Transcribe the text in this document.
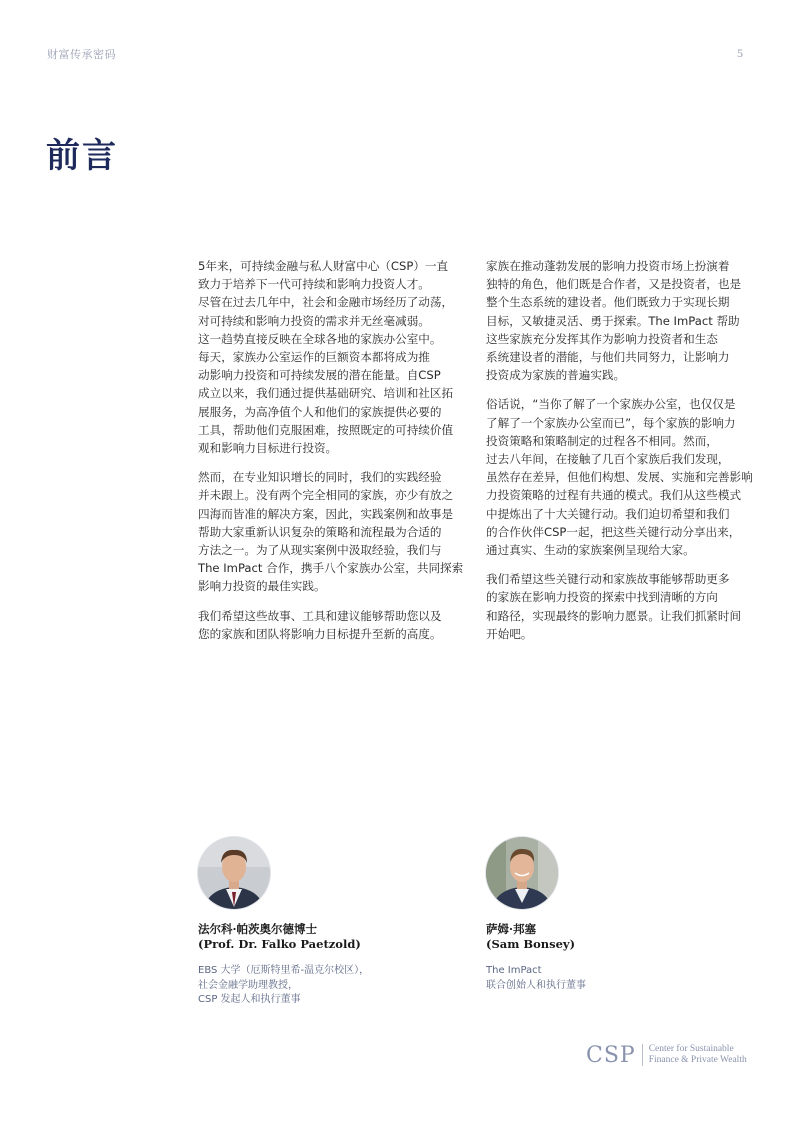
财富传承密码	5
前言
5年来，可持续金融与私人财富中心（CSP）一直
致力于培养下一代可持续和影响力投资人才。
尽管在过去几年中，社会和金融市场经历了动荡，
对可持续和影响力投资的需求并无丝毫减弱。
这一趋势直接反映在全球各地的家族办公室中。
每天，家族办公室运作的巨额资本都将成为推
动影响力投资和可持续发展的潜在能量。自CSP
成立以来，我们通过提供基础研究、培训和社区拓
展服务，为高净值个人和他们的家族提供必要的
工具，帮助他们克服困难，按照既定的可持续价值
观和影响力目标进行投资。
然而，在专业知识增长的同时，我们的实践经验
并未跟上。没有两个完全相同的家族，亦少有放之
四海而皆准的解决方案，因此，实践案例和故事是
帮助大家重新认识复杂的策略和流程最为合适的
方法之一。为了从现实案例中汲取经验，我们与
The ImPact 合作，携手八个家族办公室，共同探索
影响力投资的最佳实践。
我们希望这些故事、工具和建议能够帮助您以及
您的家族和团队将影响力目标提升至新的高度。
家族在推动蓬勃发展的影响力投资市场上扮演着
独特的角色，他们既是合作者，又是投资者，也是
整个生态系统的建设者。他们既致力于实现长期
目标，又敏捷灵活、勇于探索。The ImPact 帮助
这些家族充分发挥其作为影响力投资者和生态
系统建设者的潜能，与他们共同努力，让影响力
投资成为家族的普遍实践。
俗话说，“当你了解了一个家族办公室，也仅仅是
了解了一个家族办公室而已”，每个家族的影响力
投资策略和策略制定的过程各不相同。然而，
过去八年间，在接触了几百个家族后我们发现，
虽然存在差异，但他们构想、发展、实施和完善影响
力投资策略的过程有共通的模式。我们从这些模式
中提炼出了十大关键行动。我们迫切希望和我们
的合作伙伴CSP一起，把这些关键行动分享出来，
通过真实、生动的家族案例呈现给大家。
我们希望这些关键行动和家族故事能够帮助更多
的家族在影响力投资的探索中找到清晰的方向
和路径，实现最终的影响力愿景。让我们抓紧时间
开始吧。
法尔科·帕茨奥尔德博士
(Prof. Dr. Falko Paetzold)
EBS 大学（厄斯特里希-温克尔校区），
社会金融学助理教授，
CSP 发起人和执行董事
萨姆·邦塞
(Sam Bonsey)
The ImPact
联合创始人和执行董事
CSP Center for Sustainable
Finance & Private Wealth
